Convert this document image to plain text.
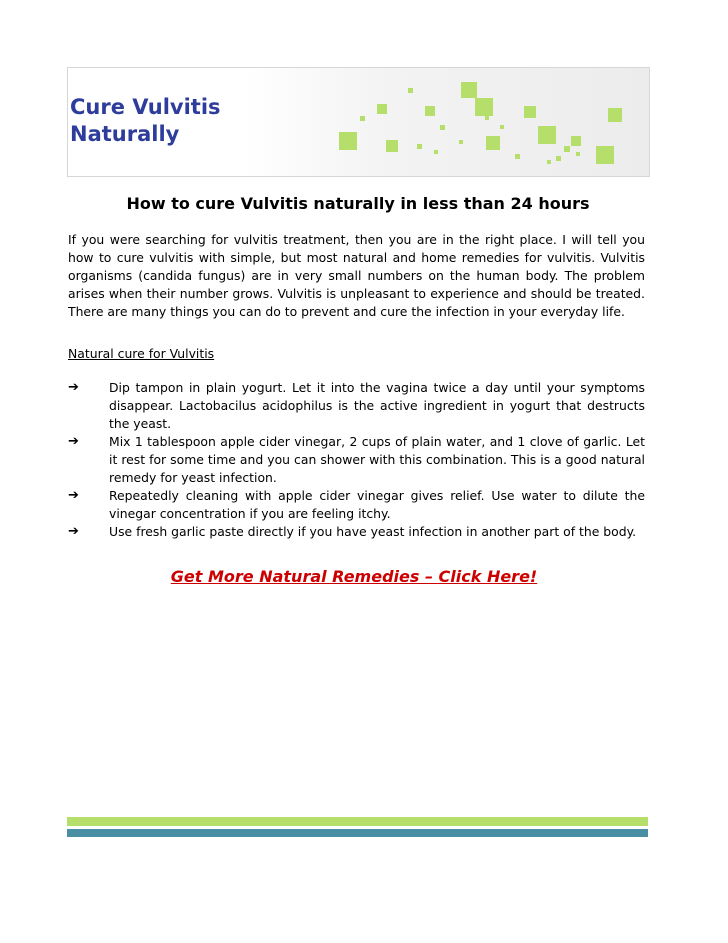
Cure Vulvitis
Naturally
How to cure Vulvitis naturally in less than 24 hours

If you were searching for vulvitis treatment, then you are in the right place. I will tell you how to cure vulvitis with simple, but most natural and home remedies for vulvitis. Vulvitis organisms (candida fungus) are in very small numbers on the human body. The problem arises when their number grows. Vulvitis is unpleasant to experience and should be treated. There are many things you can do to prevent and cure the infection in your everyday life.

Natural cure for Vulvitis
➔ Dip tampon in plain yogurt. Let it into the vagina twice a day until your symptoms disappear. Lactobacilus acidophilus is the active ingredient in yogurt that destructs the yeast.
➔ Mix 1 tablespoon apple cider vinegar, 2 cups of plain water, and 1 clove of garlic. Let it rest for some time and you can shower with this combination. This is a good natural remedy for yeast infection.
➔ Repeatedly cleaning with apple cider vinegar gives relief. Use water to dilute the vinegar concentration if you are feeling itchy.
➔ Use fresh garlic paste directly if you have yeast infection in another part of the body.
Get More Natural Remedies – Click Here!
